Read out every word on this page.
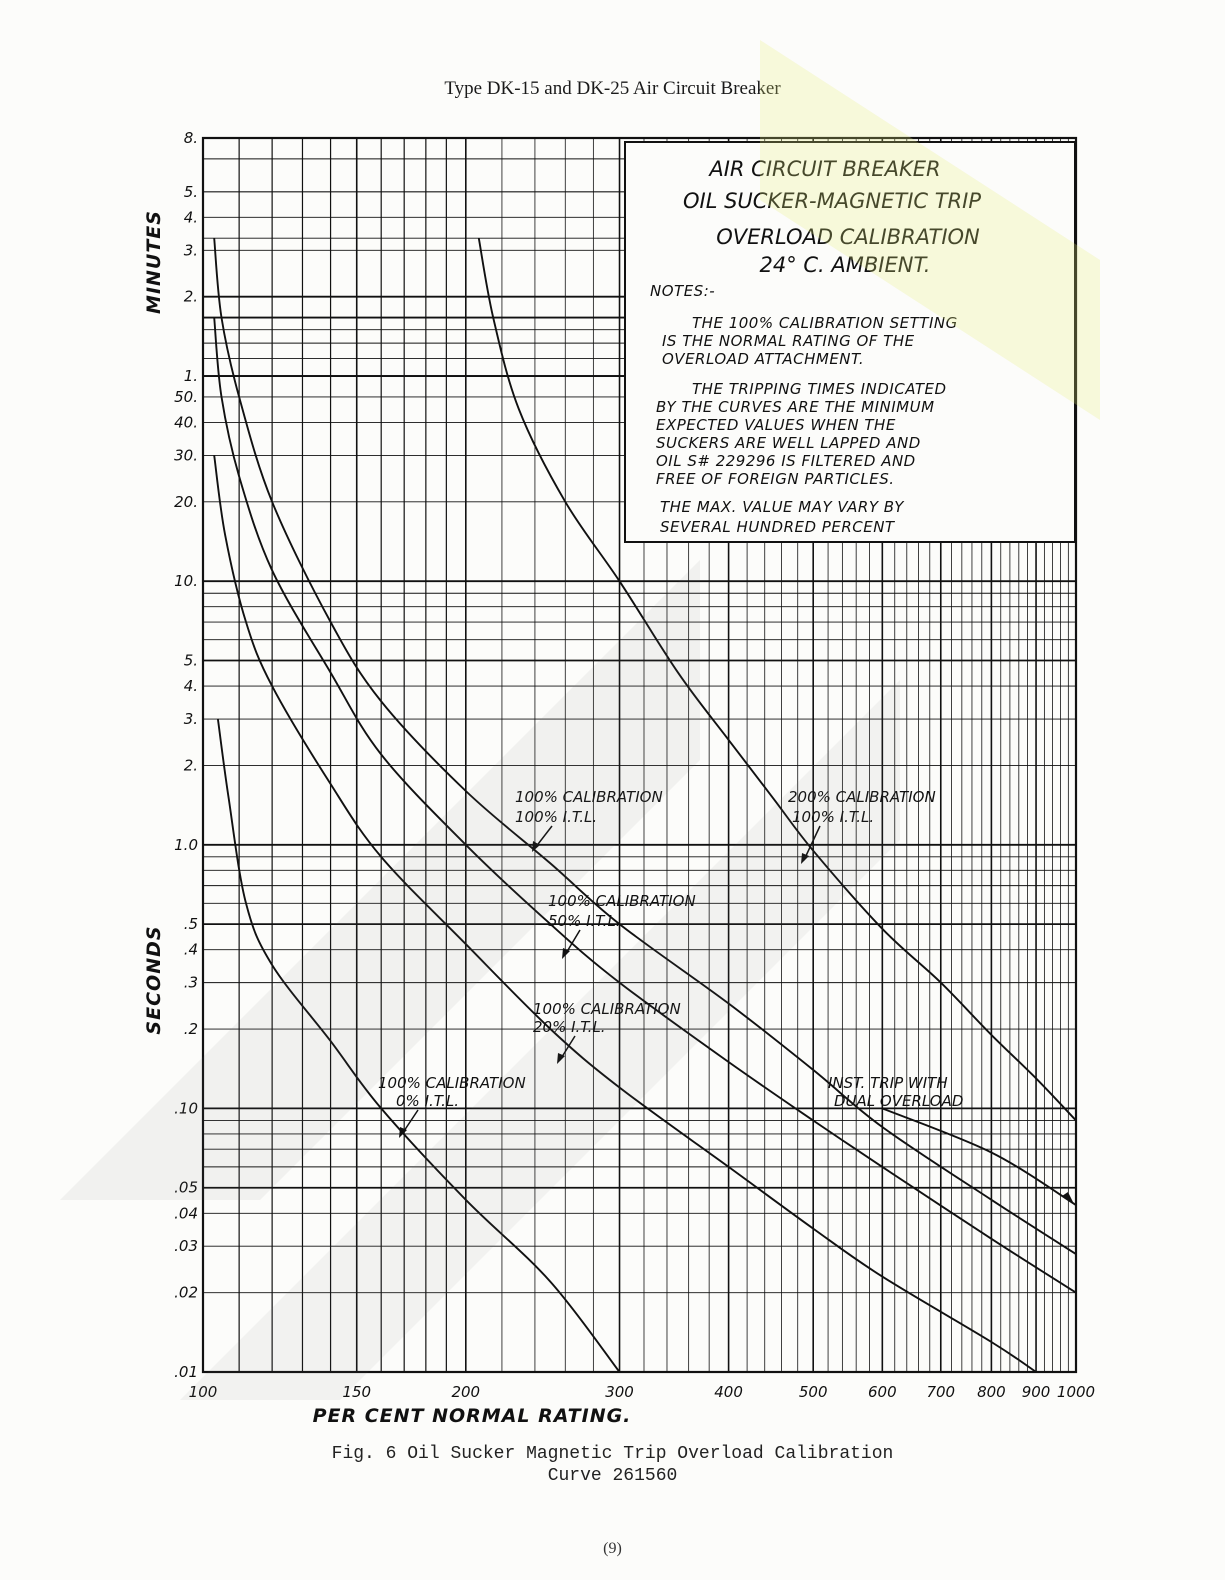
Type DK-15 and DK-25 Air Circuit Breaker
AIR CIRCUIT BREAKER
OIL SUCKER-MAGNETIC TRIP
OVERLOAD CALIBRATION
24° C. AMBIENT.
NOTES:-
THE 100% CALIBRATION SETTING
IS THE NORMAL RATING OF THE
OVERLOAD ATTACHMENT.
THE TRIPPING TIMES INDICATED
BY THE CURVES ARE THE MINIMUM
EXPECTED VALUES WHEN THE
SUCKERS ARE WELL LAPPED AND
OIL S# 229296 IS FILTERED AND
FREE OF FOREIGN PARTICLES.
THE MAX. VALUE MAY VARY BY
SEVERAL HUNDRED PERCENT
100% CALIBRATION
100% I.T.L.
200% CALIBRATION
100% I.T.L.
100% CALIBRATION
50% I.T.L.
100% CALIBRATION
20% I.T.L.
100% CALIBRATION
0% I.T.L.
INST. TRIP WITH
DUAL OVERLOAD
100	150	200	300	400	500	600 700 800 900 1000
8.
5.
4.
3.
2.
1.
50.
40.
30.
20.
10.
5.
4.
3.
2.
1.0
.5
.4
.3
.2
.10
.05
.04
.03
.02
.01
MINUTES
SECONDS
PER CENT NORMAL RATING.
Fig. 6 Oil Sucker Magnetic Trip Overload Calibration
Curve 261560
(9)
